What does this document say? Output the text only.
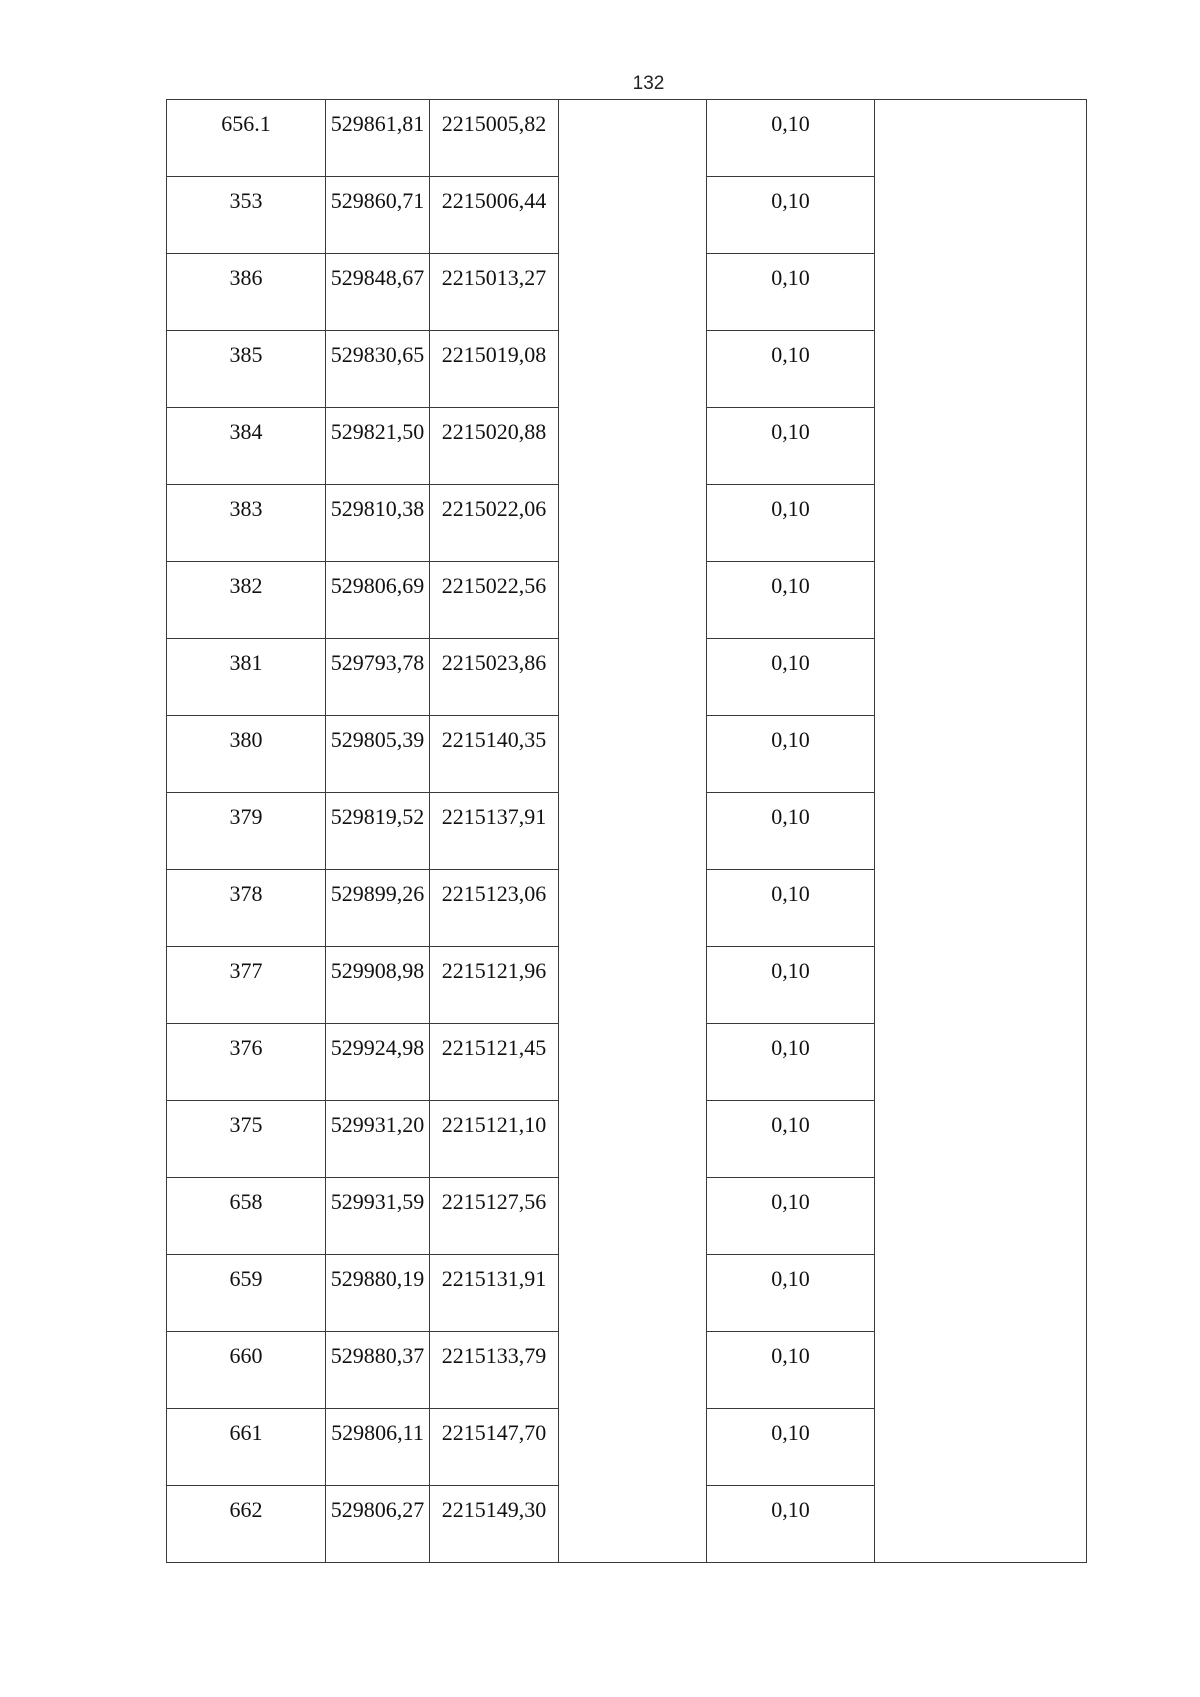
132
656.1	529861,81	2215005,82		0,10	
353	529860,71	2215006,44		0,10	
386	529848,67	2215013,27		0,10	
385	529830,65	2215019,08		0,10	
384	529821,50	2215020,88		0,10	
383	529810,38	2215022,06		0,10	
382	529806,69	2215022,56		0,10	
381	529793,78	2215023,86		0,10	
380	529805,39	2215140,35		0,10	
379	529819,52	2215137,91		0,10	
378	529899,26	2215123,06		0,10	
377	529908,98	2215121,96		0,10	
376	529924,98	2215121,45		0,10	
375	529931,20	2215121,10		0,10	
658	529931,59	2215127,56		0,10	
659	529880,19	2215131,91		0,10	
660	529880,37	2215133,79		0,10	
661	529806,11	2215147,70		0,10	
662	529806,27	2215149,30		0,10	
